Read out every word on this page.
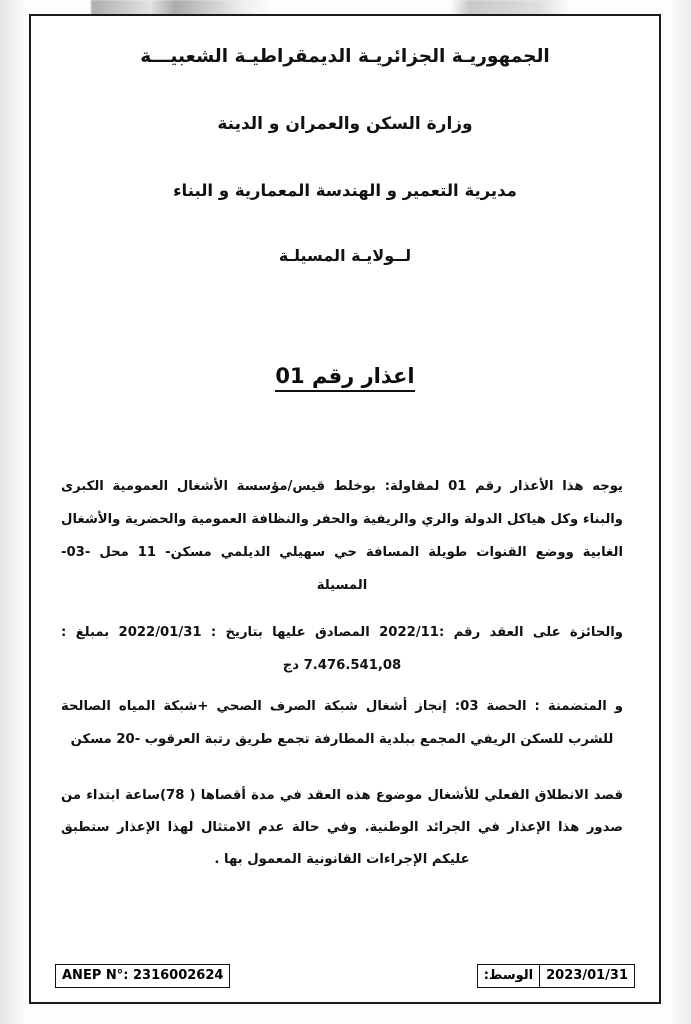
الجمهوريـة الجزائريـة الديمقراطيـة الشعبيـــة
وزارة السكن والعمران و الدينة
مديرية التعمير و الهندسة المعمارية و البناء
لــولايـة المسيلـة
اعذار رقم 01

يوجه هذا الأعذار رقم 01 لمقاولة: بوخلط قيس/مؤسسة الأشغال العمومية الكبرى والبناء وكل هياكل الدولة والري والريفية والحفر والنظافة العمومية والحضرية والأشغال الغابية ووضع القنوات طويلة المسافة حي سهيلي الديلمي مسكن- 11 محل -03-المسيلة

والحائزة على العقد رقم :2022/11 المصادق عليها بتاريخ : 2022/01/31 بمبلغ : 7.476.541,08 دج

و المتضمنة : الحصة 03: إنجاز أشغال شبكة الصرف الصحي +شبكة المياه الصالحة للشرب للسكن الريفي المجمع ببلدية المطارفة تجمع طريق رتبة العرقوب -20 مسكن

قصد الانطلاق الفعلي للأشغال موضوع هذه العقد في مدة أقصاها ( 78)ساعة ابتداء من صدور هذا الإعذار في الجرائد الوطنية. وفي حالة عدم الامتثال لهذا الإعذار ستطبق عليكم الإجراءات القانونية المعمول بها .

ANEP N°: 2316002624	2023/01/31
الوسط:
